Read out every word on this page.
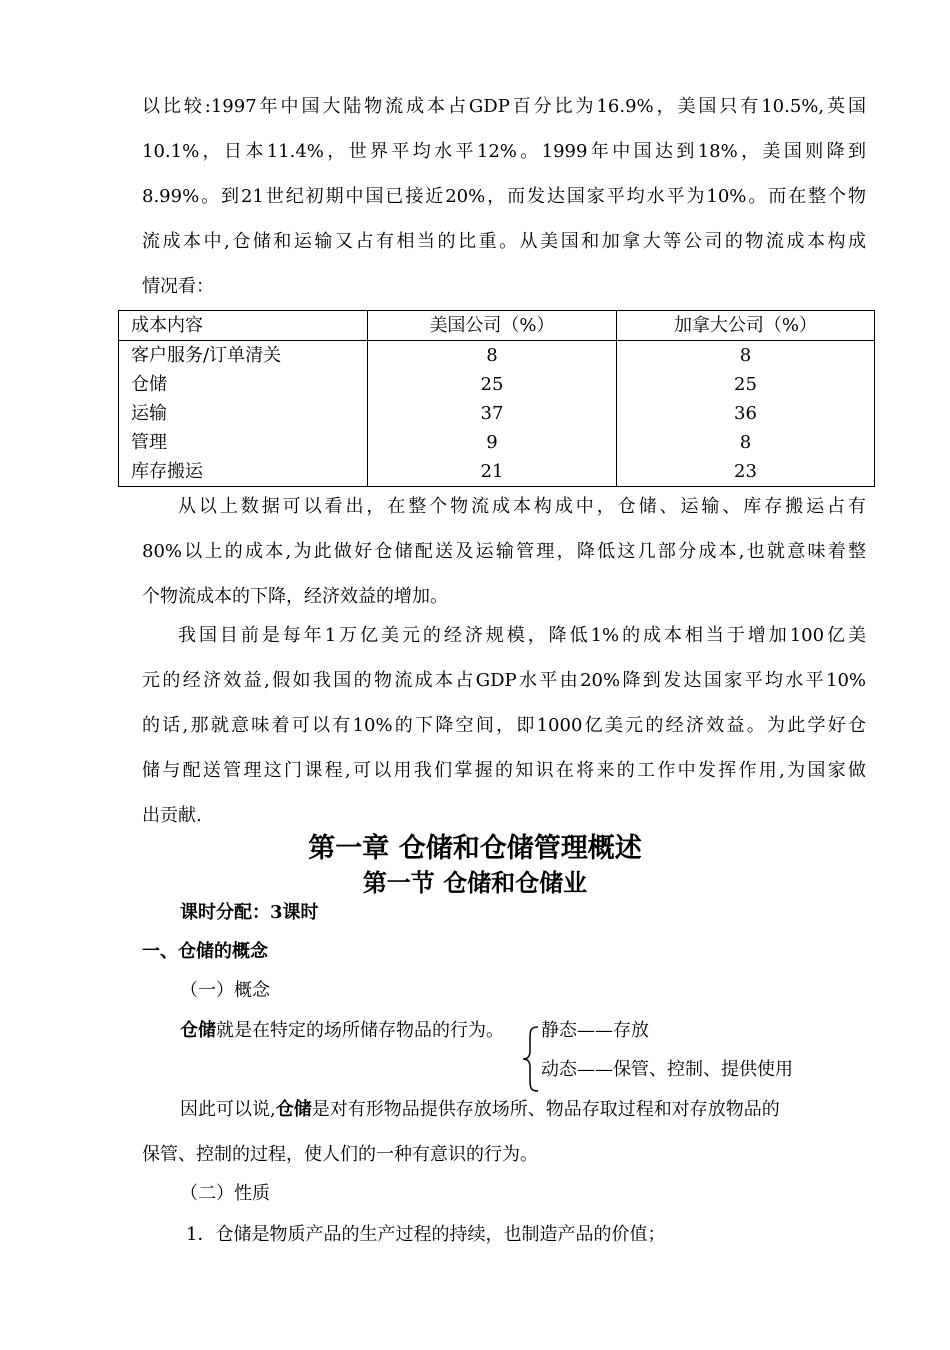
以比较:1997年中国大陆物流成本占GDP百分比为16.9%，美国只有10.5%,英国
10.1%，日本11.4%，世界平均水平12%。1999年中国达到18%，美国则降到
8.99%。到21世纪初期中国已接近20%，而发达国家平均水平为10%。而在整个物
流成本中,仓储和运输又占有相当的比重。从美国和加拿大等公司的物流成本构成
情况看：
成本内容	美国公司（%）	加拿大公司（%）
客户服务/订单清关	8	8
仓储	25	25
运输	37	36
管理	9	8
库存搬运	21	23
从以上数据可以看出，在整个物流成本构成中，仓储、运输、库存搬运占有
80%以上的成本,为此做好仓储配送及运输管理，降低这几部分成本,也就意味着整
个物流成本的下降，经济效益的增加。
我国目前是每年1万亿美元的经济规模，降低1%的成本相当于增加100亿美
元的经济效益,假如我国的物流成本占GDP水平由20%降到发达国家平均水平10%
的话,那就意味着可以有10%的下降空间，即1000亿美元的经济效益。为此学好仓
储与配送管理这门课程,可以用我们掌握的知识在将来的工作中发挥作用,为国家做
出贡献.
第一章 仓储和仓储管理概述
第一节 仓储和仓储业
课时分配：3课时
一、仓储的概念
（一）概念
仓储就是在特定的场所储存物品的行为。 静态——存放
动态——保管、控制、提供使用
因此可以说,仓储是对有形物品提供存放场所、物品存取过程和对存放物品的
保管、控制的过程，使人们的一种有意识的行为。
（二）性质
1．仓储是物质产品的生产过程的持续，也制造产品的价值；
